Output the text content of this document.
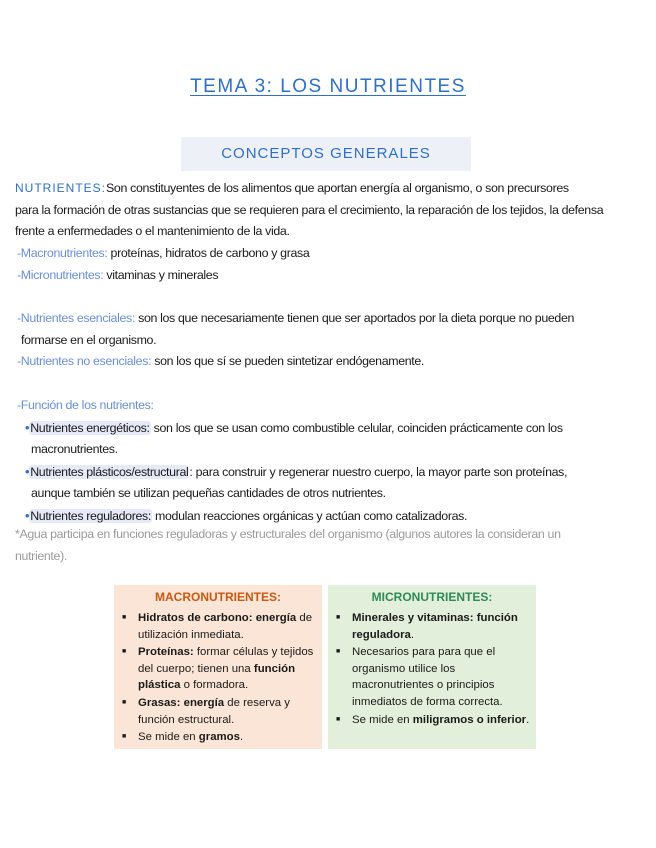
TEMA 3: LOS NUTRIENTES
CONCEPTOS GENERALES
NUTRIENTES:Son constituyentes de los alimentos que aportan energía al organismo, o son precursores
para la formación de otras sustancias que se requieren para el crecimiento, la reparación de los tejidos, la defensa
frente a enfermedades o el mantenimiento de la vida.
-Macronutrientes: proteínas, hidratos de carbono y grasa
-Micronutrientes: vitaminas y minerales
-Nutrientes esenciales: son los que necesariamente tienen que ser aportados por la dieta porque no pueden
formarse en el organismo.
-Nutrientes no esenciales: son los que sí se pueden sintetizar endógenamente.
-Función de los nutrientes:
•Nutrientes energéticos: son los que se usan como combustible celular, coinciden prácticamente con los
macronutrientes.
•Nutrientes plásticos/estructural: para construir y regenerar nuestro cuerpo, la mayor parte son proteínas,
aunque también se utilizan pequeñas cantidades de otros nutrientes.
•Nutrientes reguladores: modulan reacciones orgánicas y actúan como catalizadoras.
*Agua participa en funciones reguladoras y estructurales del organismo (algunos autores la consideran un
nutriente).
MACRONUTRIENTES:
■ Hidratos de carbono: energía de utilización inmediata.
■ Proteínas: formar células y tejidos del cuerpo; tienen una función plástica o formadora.
■ Grasas: energía de reserva y función estructural.
■ Se mide en gramos.
MICRONUTRIENTES:
■ Minerales y vitaminas: función reguladora.
■ Necesarios para para que el organismo utilice los macronutrientes o principios inmediatos de forma correcta.
■ Se mide en miligramos o inferior.
